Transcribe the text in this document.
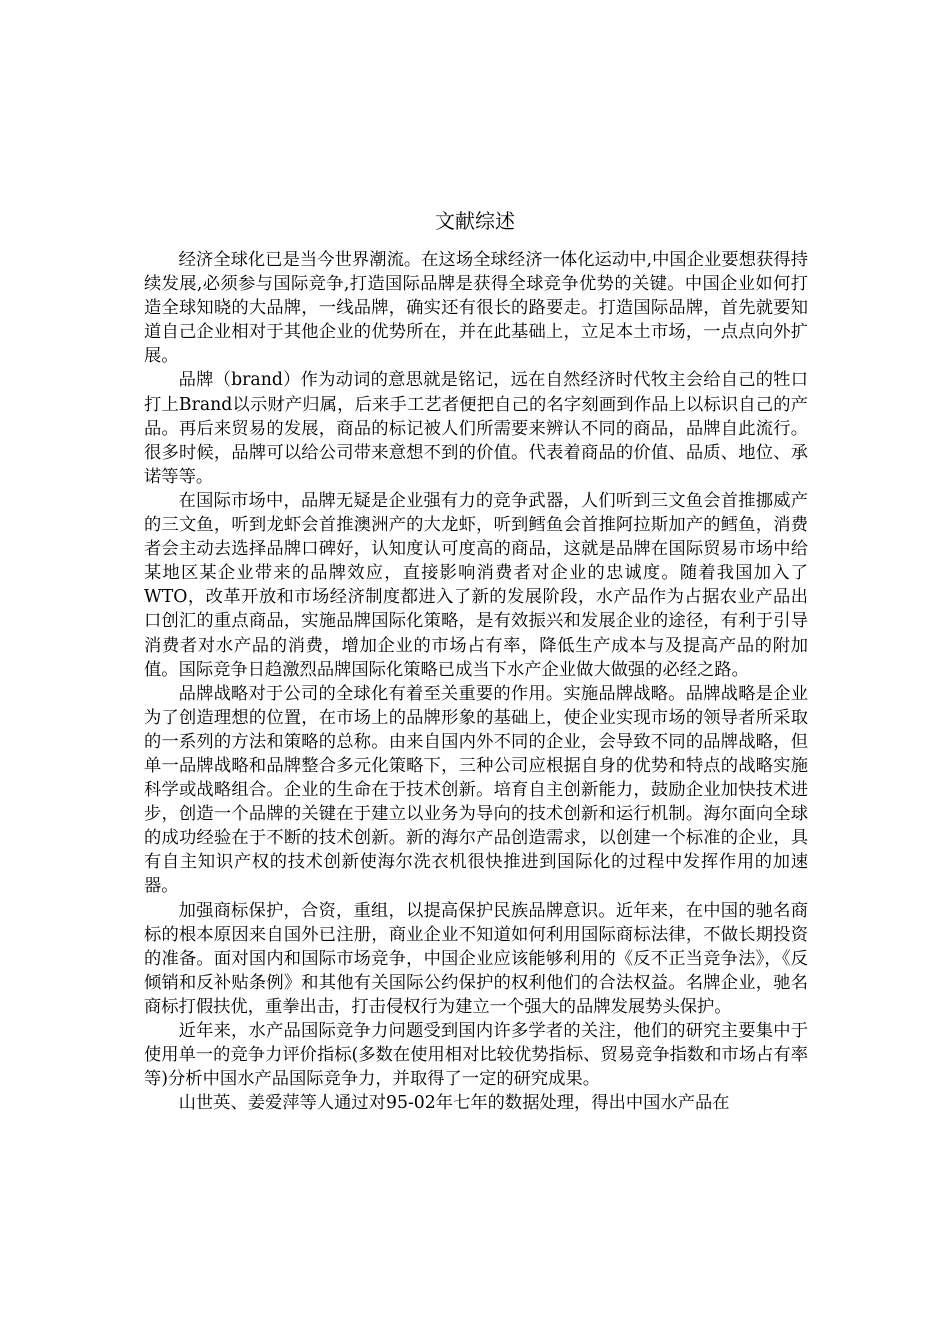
文献综述

经济全球化已是当今世界潮流。在这场全球经济一体化运动中,中国企业要想获得持续发展,必须参与国际竞争,打造国际品牌是获得全球竞争优势的关键。中国企业如何打造全球知晓的大品牌，一线品牌，确实还有很长的路要走。打造国际品牌，首先就要知道自己企业相对于其他企业的优势所在，并在此基础上，立足本土市场，一点点向外扩展。

品牌（brand）作为动词的意思就是铭记，远在自然经济时代牧主会给自己的牲口打上Brand以示财产归属，后来手工艺者便把自己的名字刻画到作品上以标识自己的产品。再后来贸易的发展，商品的标记被人们所需要来辨认不同的商品，品牌自此流行。很多时候，品牌可以给公司带来意想不到的价值。代表着商品的价值、品质、地位、承诺等等。

在国际市场中，品牌无疑是企业强有力的竞争武器，人们听到三文鱼会首推挪威产的三文鱼，听到龙虾会首推澳洲产的大龙虾，听到鳕鱼会首推阿拉斯加产的鳕鱼，消费者会主动去选择品牌口碑好，认知度认可度高的商品，这就是品牌在国际贸易市场中给某地区某企业带来的品牌效应，直接影响消费者对企业的忠诚度。随着我国加入了WTO，改革开放和市场经济制度都进入了新的发展阶段，水产品作为占据农业产品出口创汇的重点商品，实施品牌国际化策略，是有效振兴和发展企业的途径，有利于引导消费者对水产品的消费，增加企业的市场占有率，降低生产成本与及提高产品的附加值。国际竞争日趋激烈品牌国际化策略已成当下水产企业做大做强的必经之路。

品牌战略对于公司的全球化有着至关重要的作用。实施品牌战略。品牌战略是企业为了创造理想的位置，在市场上的品牌形象的基础上，使企业实现市场的领导者所采取的一系列的方法和策略的总称。由来自国内外不同的企业，会导致不同的品牌战略，但单一品牌战略和品牌整合多元化策略下，三种公司应根据自身的优势和特点的战略实施科学或战略组合。企业的生命在于技术创新。培育自主创新能力，鼓励企业加快技术进步，创造一个品牌的关键在于建立以业务为导向的技术创新和运行机制。海尔面向全球的成功经验在于不断的技术创新。新的海尔产品创造需求，以创建一个标准的企业，具有自主知识产权的技术创新使海尔洗衣机很快推进到国际化的过程中发挥作用的加速器。

加强商标保护，合资，重组，以提高保护民族品牌意识。近年来，在中国的驰名商标的根本原因来自国外已注册，商业企业不知道如何利用国际商标法律，不做长期投资的准备。面对国内和国际市场竞争，中国企业应该能够利用的《反不正当竞争法》，《反倾销和反补贴条例》和其他有关国际公约保护的权利他们的合法权益。名牌企业，驰名商标打假扶优，重拳出击，打击侵权行为建立一个强大的品牌发展势头保护。

近年来，水产品国际竞争力问题受到国内许多学者的关注，他们的研究主要集中于使用单一的竞争力评价指标(多数在使用相对比较优势指标、贸易竞争指数和市场占有率等)分析中国水产品国际竞争力，并取得了一定的研究成果。

山世英、姜爱萍等人通过对95-02年七年的数据处理，得出中国水产品在
